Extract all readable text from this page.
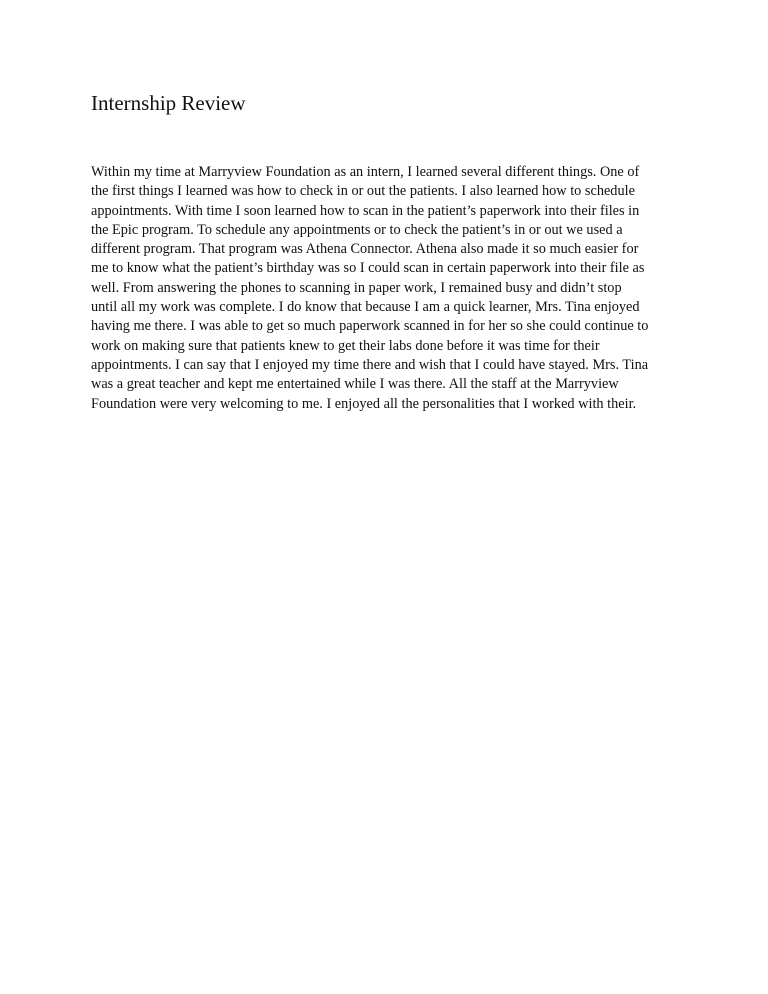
Internship Review

Within my time at Marryview Foundation as an intern, I learned several different things. One of
the first things I learned was how to check in or out the patients. I also learned how to schedule
appointments. With time I soon learned how to scan in the patient’s paperwork into their files in
the Epic program. To schedule any appointments or to check the patient’s in or out we used a
different program. That program was Athena Connector. Athena also made it so much easier for
me to know what the patient’s birthday was so I could scan in certain paperwork into their file as
well. From answering the phones to scanning in paper work, I remained busy and didn’t stop
until all my work was complete. I do know that because I am a quick learner, Mrs. Tina enjoyed
having me there. I was able to get so much paperwork scanned in for her so she could continue to
work on making sure that patients knew to get their labs done before it was time for their
appointments. I can say that I enjoyed my time there and wish that I could have stayed. Mrs. Tina
was a great teacher and kept me entertained while I was there. All the staff at the Marryview
Foundation were very welcoming to me. I enjoyed all the personalities that I worked with their.
